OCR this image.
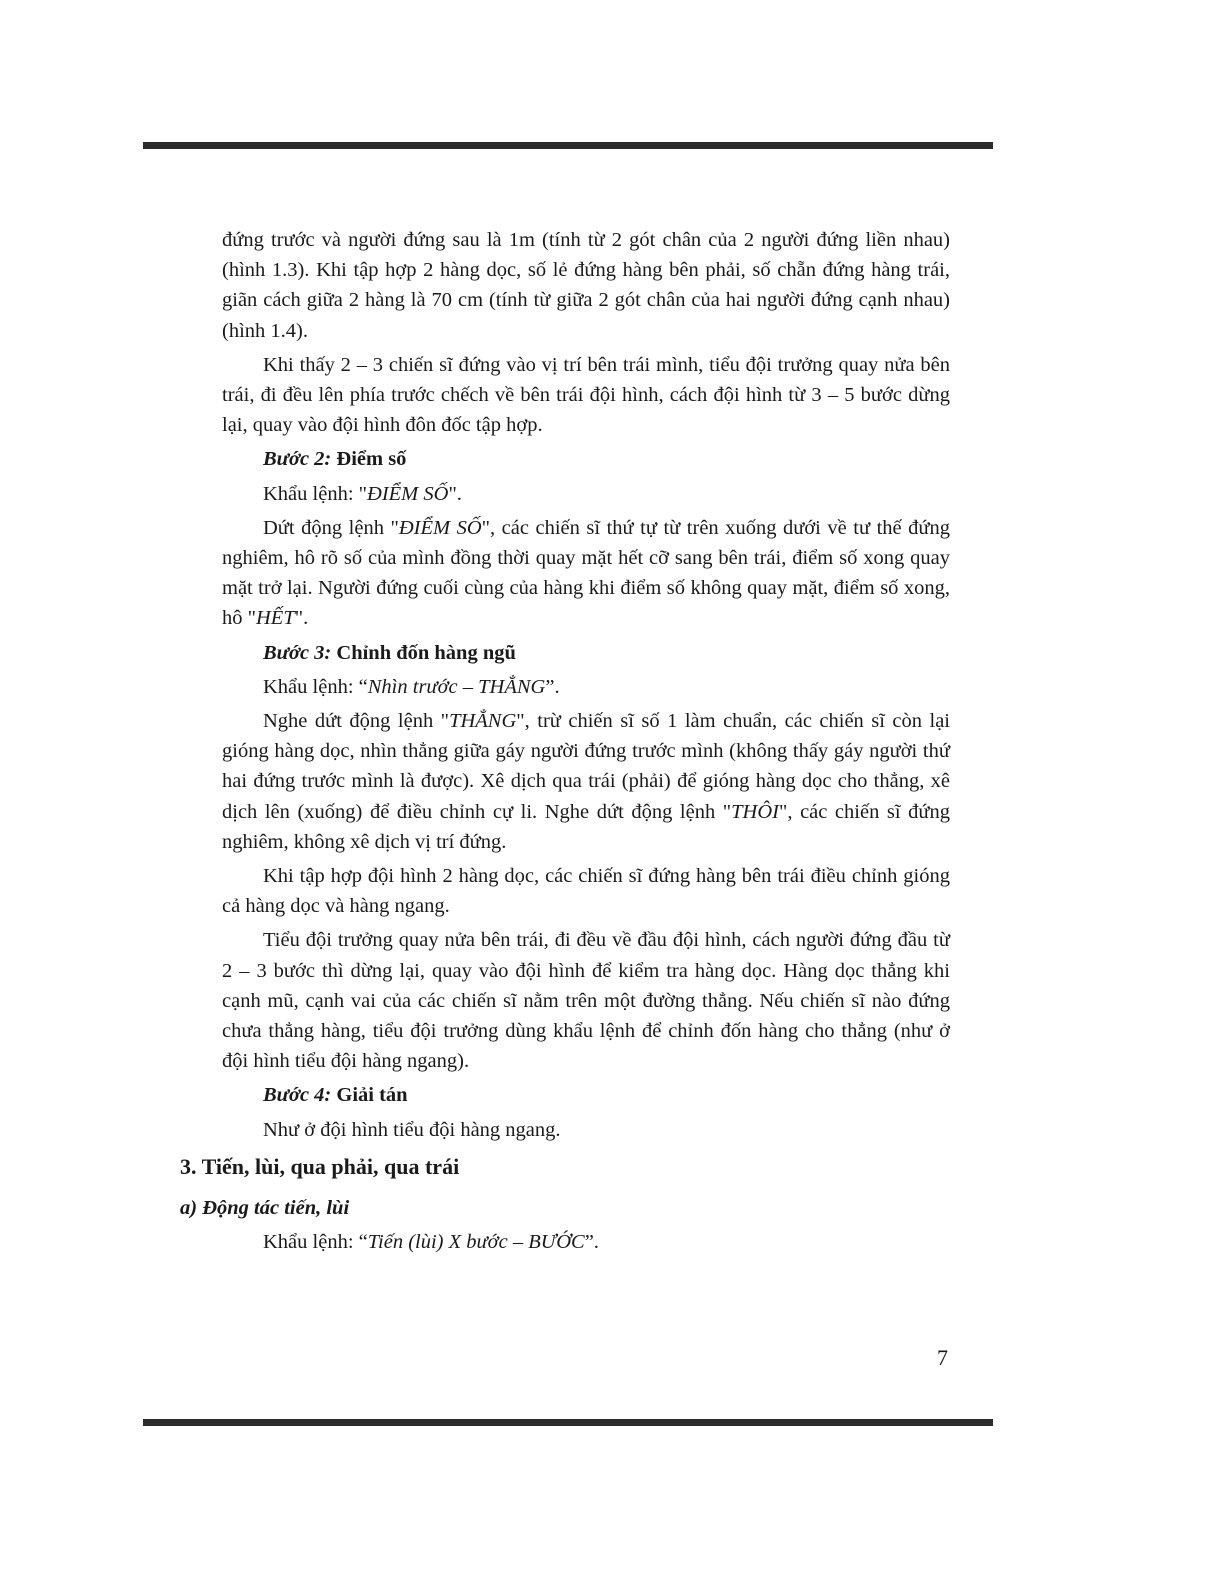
đứng trước và người đứng sau là 1m (tính từ 2 gót chân của 2 người đứng liền nhau) (hình 1.3). Khi tập hợp 2 hàng dọc, số lẻ đứng hàng bên phải, số chẵn đứng hàng trái, giãn cách giữa 2 hàng là 70 cm (tính từ giữa 2 gót chân của hai người đứng cạnh nhau) (hình 1.4).

Khi thấy 2 – 3 chiến sĩ đứng vào vị trí bên trái mình, tiểu đội trưởng quay nửa bên trái, đi đều lên phía trước chếch về bên trái đội hình, cách đội hình từ 3 – 5 bước dừng lại, quay vào đội hình đôn đốc tập hợp.

Bước 2: Điểm số

Khẩu lệnh: "ĐIỂM SỐ".

Dứt động lệnh "ĐIỂM SỐ", các chiến sĩ thứ tự từ trên xuống dưới về tư thế đứng nghiêm, hô rõ số của mình đồng thời quay mặt hết cỡ sang bên trái, điểm số xong quay mặt trở lại. Người đứng cuối cùng của hàng khi điểm số không quay mặt, điểm số xong, hô "HẾT".

Bước 3: Chỉnh đốn hàng ngũ

Khẩu lệnh: “Nhìn trước – THẲNG”.

Nghe dứt động lệnh "THẲNG", trừ chiến sĩ số 1 làm chuẩn, các chiến sĩ còn lại gióng hàng dọc, nhìn thẳng giữa gáy người đứng trước mình (không thấy gáy người thứ hai đứng trước mình là được). Xê dịch qua trái (phải) để gióng hàng dọc cho thẳng, xê dịch lên (xuống) để điều chỉnh cự li. Nghe dứt động lệnh "THÔI", các chiến sĩ đứng nghiêm, không xê dịch vị trí đứng.

Khi tập hợp đội hình 2 hàng dọc, các chiến sĩ đứng hàng bên trái điều chỉnh gióng cả hàng dọc và hàng ngang.

Tiểu đội trưởng quay nửa bên trái, đi đều về đầu đội hình, cách người đứng đầu từ 2 – 3 bước thì dừng lại, quay vào đội hình để kiểm tra hàng dọc. Hàng dọc thẳng khi cạnh mũ, cạnh vai của các chiến sĩ nằm trên một đường thẳng. Nếu chiến sĩ nào đứng chưa thẳng hàng, tiểu đội trưởng dùng khẩu lệnh để chỉnh đốn hàng cho thẳng (như ở đội hình tiểu đội hàng ngang).

Bước 4: Giải tán

Như ở đội hình tiểu đội hàng ngang.

3. Tiến, lùi, qua phải, qua trái
a) Động tác tiến, lùi
Khẩu lệnh: “Tiến (lùi) X bước – BƯỚC”.
7
